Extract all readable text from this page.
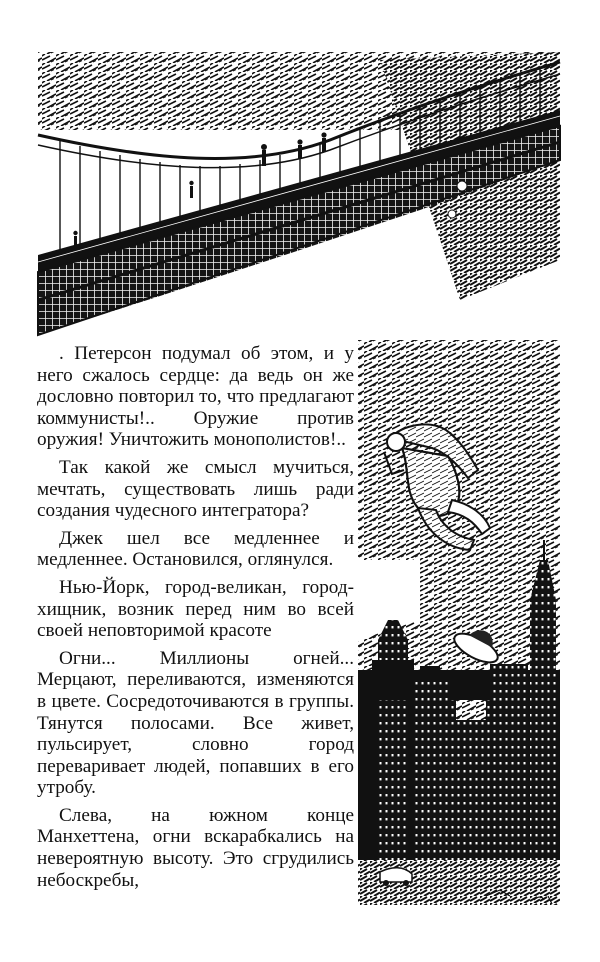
. Петерсон подумал об этом, и у него сжалось сердце: да ведь он же дословно повторил то, что предлагают коммунисты!.. Оружие против оружия! Уничтожить монополистов!..

Так какой же смысл мучиться, мечтать, существовать лишь ради создания чудесного интегратора?

Джек шел все медленнее и медленнее. Остановился, оглянулся.

Нью-Йорк, город-великан, город-хищник, возник перед ним во всей своей неповторимой красоте

Огни... Миллионы огней... Мерцают, переливаются, изменяются в цвете. Сосредоточиваются в группы. Тянутся полосами. Все живет, пульсирует, словно город переваривает людей, попавших в его утробу.

Слева, на южном конце Манхеттена, огни вскарабкались на невероятную высоту. Это сгрудились небоскребы,
